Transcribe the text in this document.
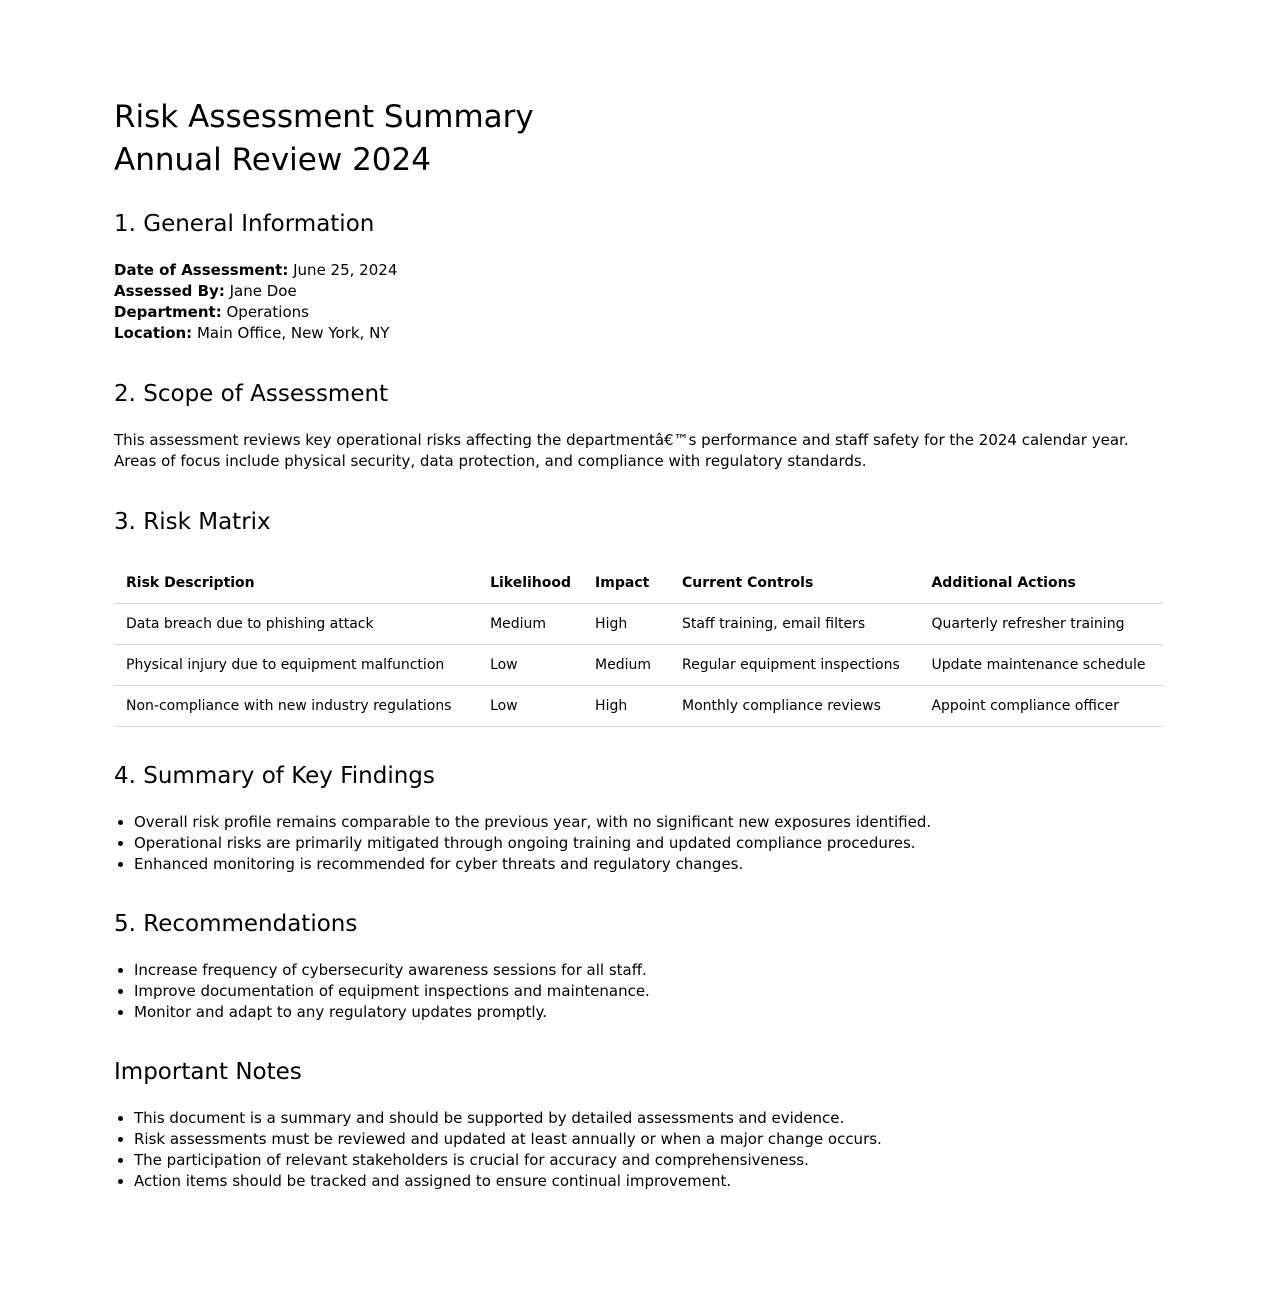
Risk Assessment Summary
Annual Review 2024
1. General Information
Date of Assessment: June 25, 2024
Assessed By: Jane Doe
Department: Operations
Location: Main Office, New York, NY
2. Scope of Assessment

This assessment reviews key operational risks affecting the departmentâ€™s performance and staff safety for the 2024 calendar year. Areas of focus include physical security, data protection, and compliance with regulatory standards.

3. Risk Matrix
Risk Description	Likelihood	Impact	Current Controls	Additional Actions
Data breach due to phishing attack	Medium	High	Staff training, email filters	Quarterly refresher training
Physical injury due to equipment malfunction	Low	Medium	Regular equipment inspections	Update maintenance schedule
Non-compliance with new industry regulations	Low	High	Monthly compliance reviews	Appoint compliance officer
4. Summary of Key Findings
• Overall risk profile remains comparable to the previous year, with no significant new exposures identified.
• Operational risks are primarily mitigated through ongoing training and updated compliance procedures.
• Enhanced monitoring is recommended for cyber threats and regulatory changes.
5. Recommendations
• Increase frequency of cybersecurity awareness sessions for all staff.
• Improve documentation of equipment inspections and maintenance.
• Monitor and adapt to any regulatory updates promptly.
Important Notes
• This document is a summary and should be supported by detailed assessments and evidence.
• Risk assessments must be reviewed and updated at least annually or when a major change occurs.
• The participation of relevant stakeholders is crucial for accuracy and comprehensiveness.
• Action items should be tracked and assigned to ensure continual improvement.
